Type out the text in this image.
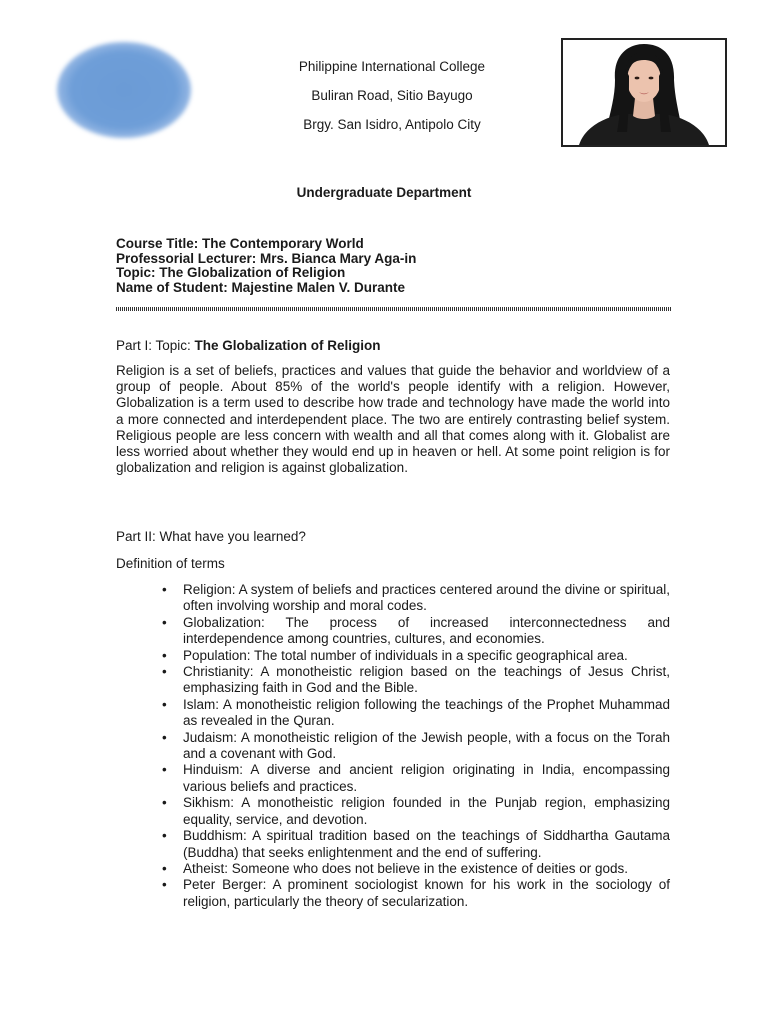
Philippine International College
Buliran Road, Sitio Bayugo
Brgy. San Isidro, Antipolo City
Undergraduate Department
Course Title: The Contemporary World
Professorial Lecturer: Mrs. Bianca Mary Aga-in
Topic: The Globalization of Religion
Name of Student: Majestine Malen V. Durante
Part I: Topic: The Globalization of Religion
Religion is a set of beliefs, practices and values that guide the behavior and worldview of a group of people. About 85% of the world's people identify with a religion. However, Globalization is a term used to describe how trade and technology have made the world into a more connected and interdependent place. The two are entirely contrasting belief system. Religious people are less concern with wealth and all that comes along with it. Globalist are less worried about whether they would end up in heaven or hell. At some point religion is for globalization and religion is against globalization.
Part II: What have you learned?
Definition of terms
• Religion: A system of beliefs and practices centered around the divine or spiritual, often involving worship and moral codes.
• Globalization: The process of increased interconnectedness and interdependence among countries, cultures, and economies.
• Population: The total number of individuals in a specific geographical area.
• Christianity: A monotheistic religion based on the teachings of Jesus Christ, emphasizing faith in God and the Bible.
• Islam: A monotheistic religion following the teachings of the Prophet Muhammad as revealed in the Quran.
• Judaism: A monotheistic religion of the Jewish people, with a focus on the Torah and a covenant with God.
• Hinduism: A diverse and ancient religion originating in India, encompassing various beliefs and practices.
• Sikhism: A monotheistic religion founded in the Punjab region, emphasizing equality, service, and devotion.
• Buddhism: A spiritual tradition based on the teachings of Siddhartha Gautama (Buddha) that seeks enlightenment and the end of suffering.
• Atheist: Someone who does not believe in the existence of deities or gods.
• Peter Berger: A prominent sociologist known for his work in the sociology of religion, particularly the theory of secularization.
